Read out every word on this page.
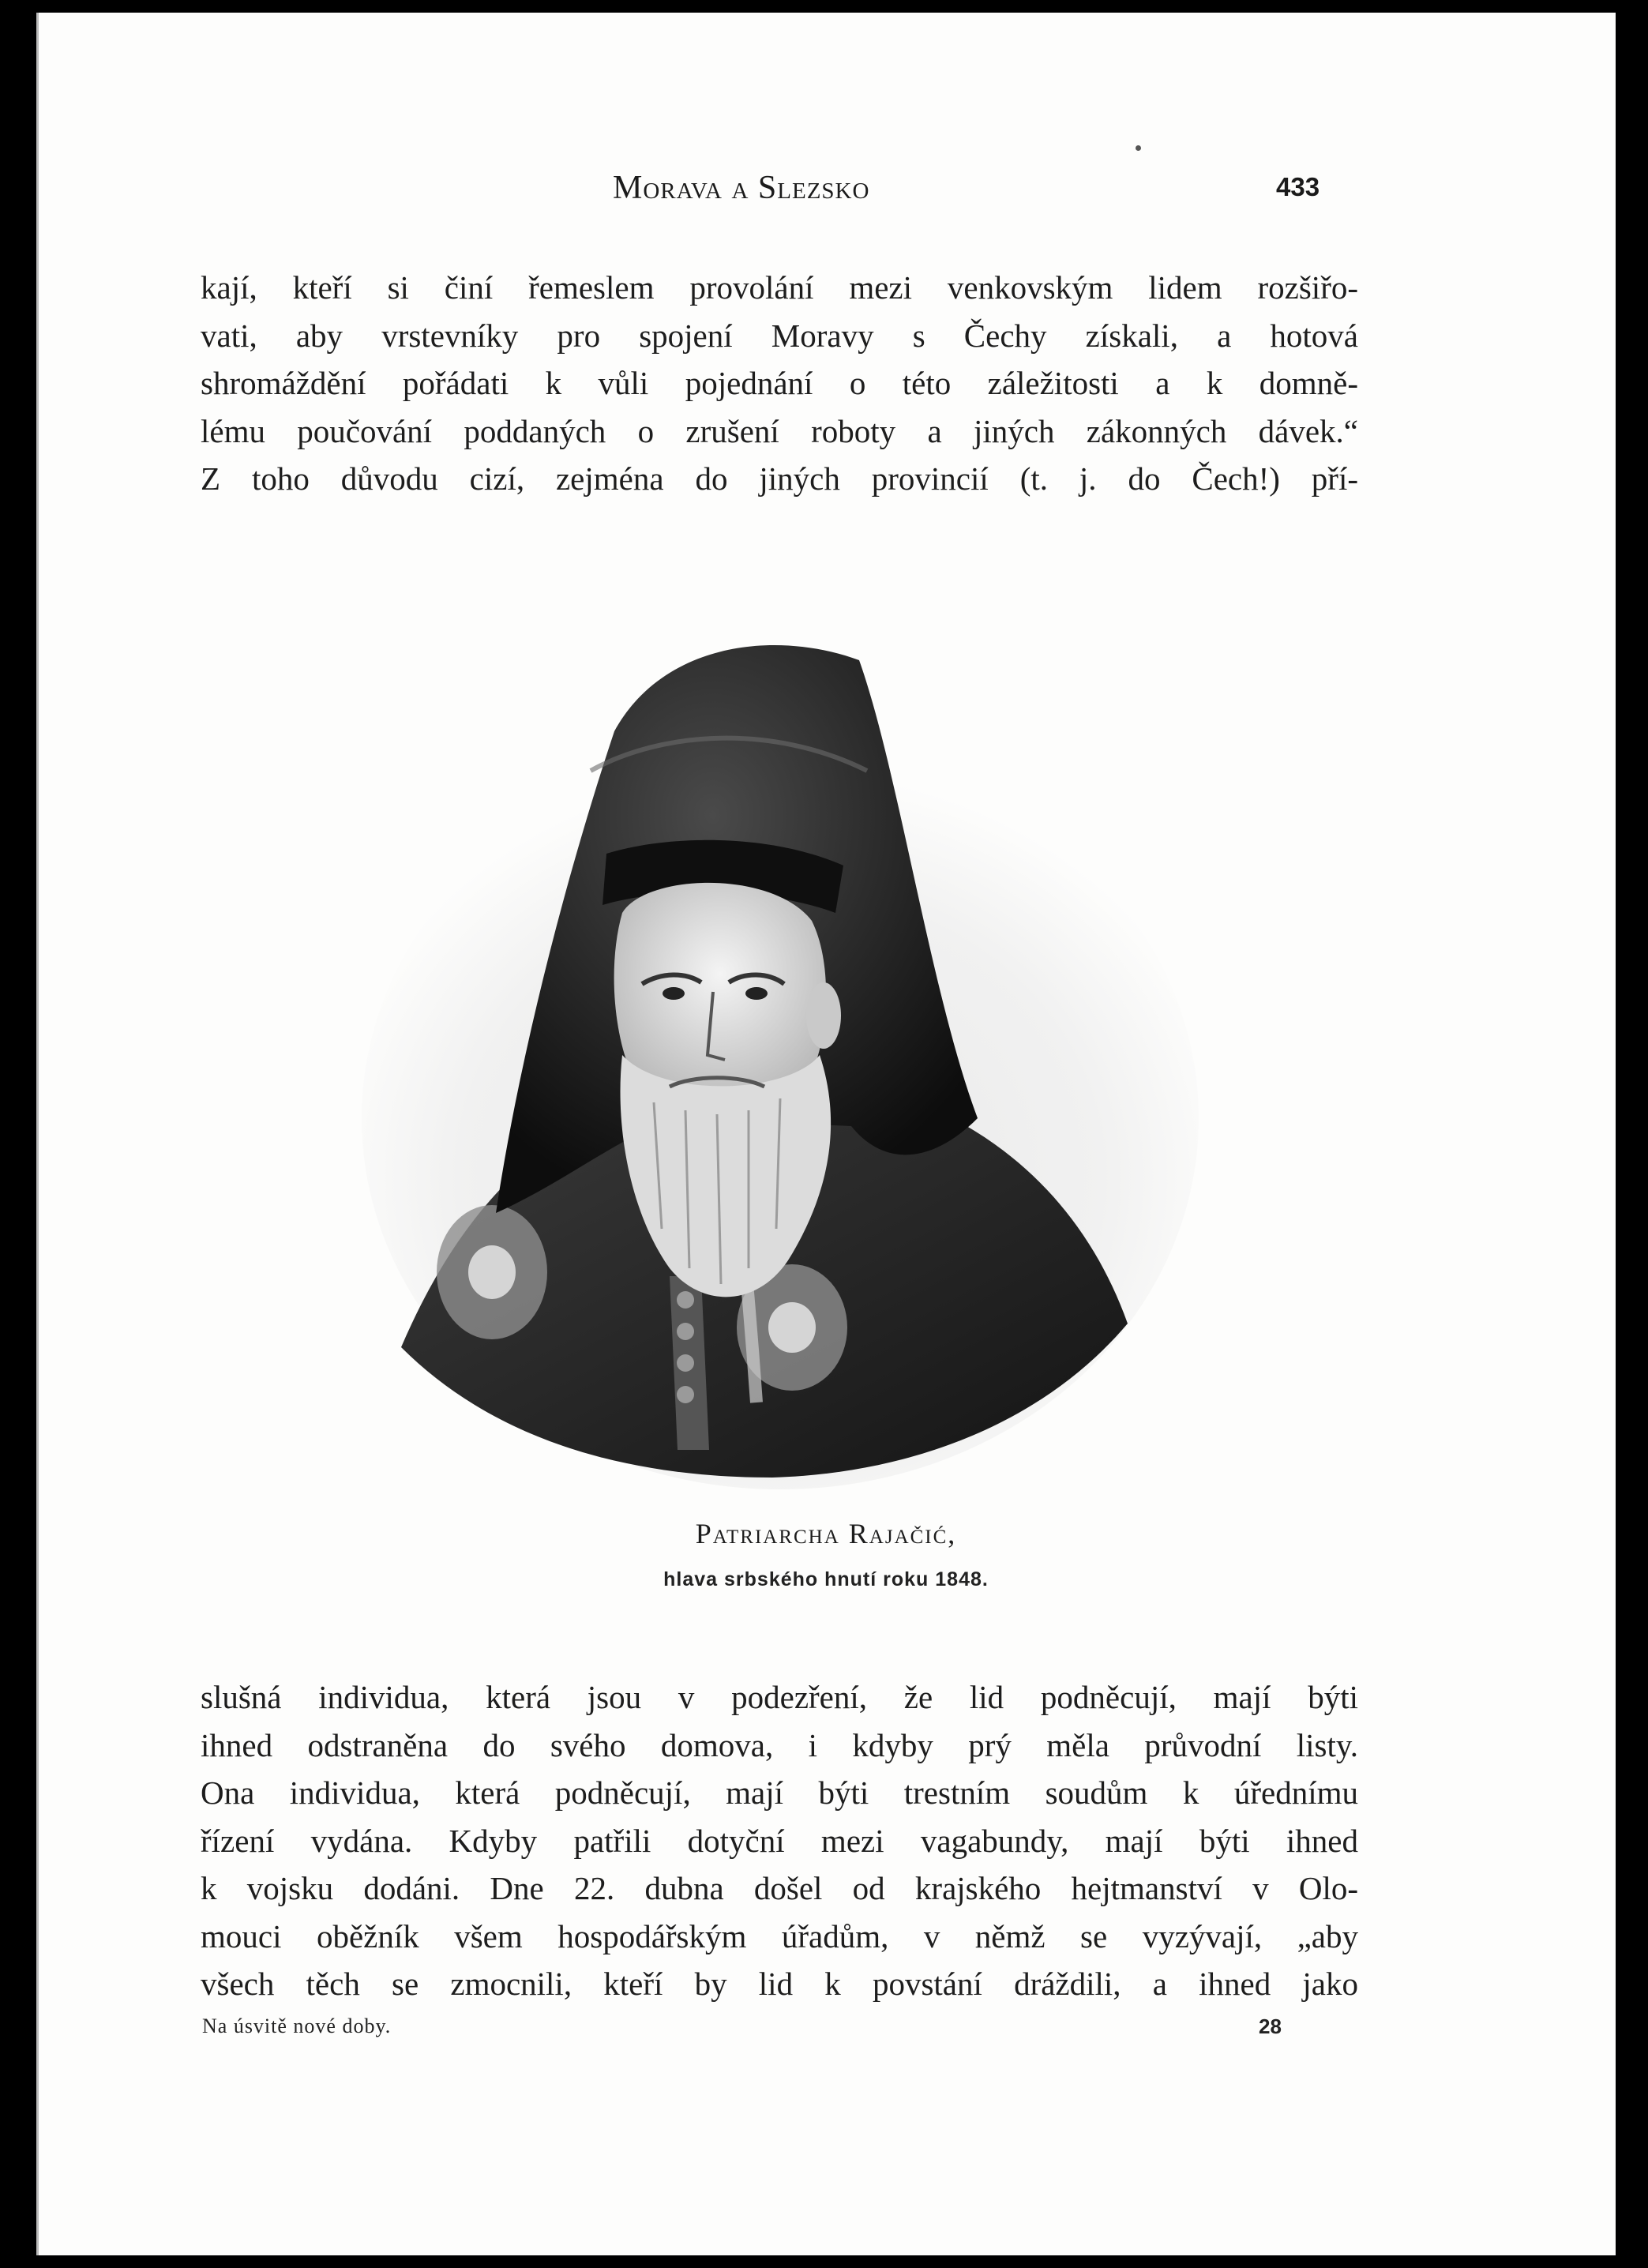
Morava a Slezsko	433
kají, kteří si činí řemeslem provolání mezi venkovským lidem rozšiřo-
vati, aby vrstevníky pro spojení Moravy s Čechy získali, a hotová
shromáždění pořádati k vůli pojednání o této záležitosti a k domně-
lému poučování poddaných o zrušení roboty a jiných zákonných dávek.“
Z toho důvodu cizí, zejména do jiných provincií (t. j. do Čech!) pří-
Patriarcha Rajačić,
hlava srbského hnutí roku 1848.
slušná individua, která jsou v podezření, že lid podněcují, mají býti
ihned odstraněna do svého domova, i kdyby prý měla průvodní listy.
Ona individua, která podněcují, mají býti trestním soudům k úřednímu
řízení vydána. Kdyby patřili dotyční mezi vagabundy, mají býti ihned
k vojsku dodáni. Dne 22. dubna došel od krajského hejtmanství v Olo-
mouci oběžník všem hospodářským úřadům, v němž se vyzývají, „aby
všech těch se zmocnili, kteří by lid k povstání dráždili, a ihned jako
Na úsvitě nové doby.	28
